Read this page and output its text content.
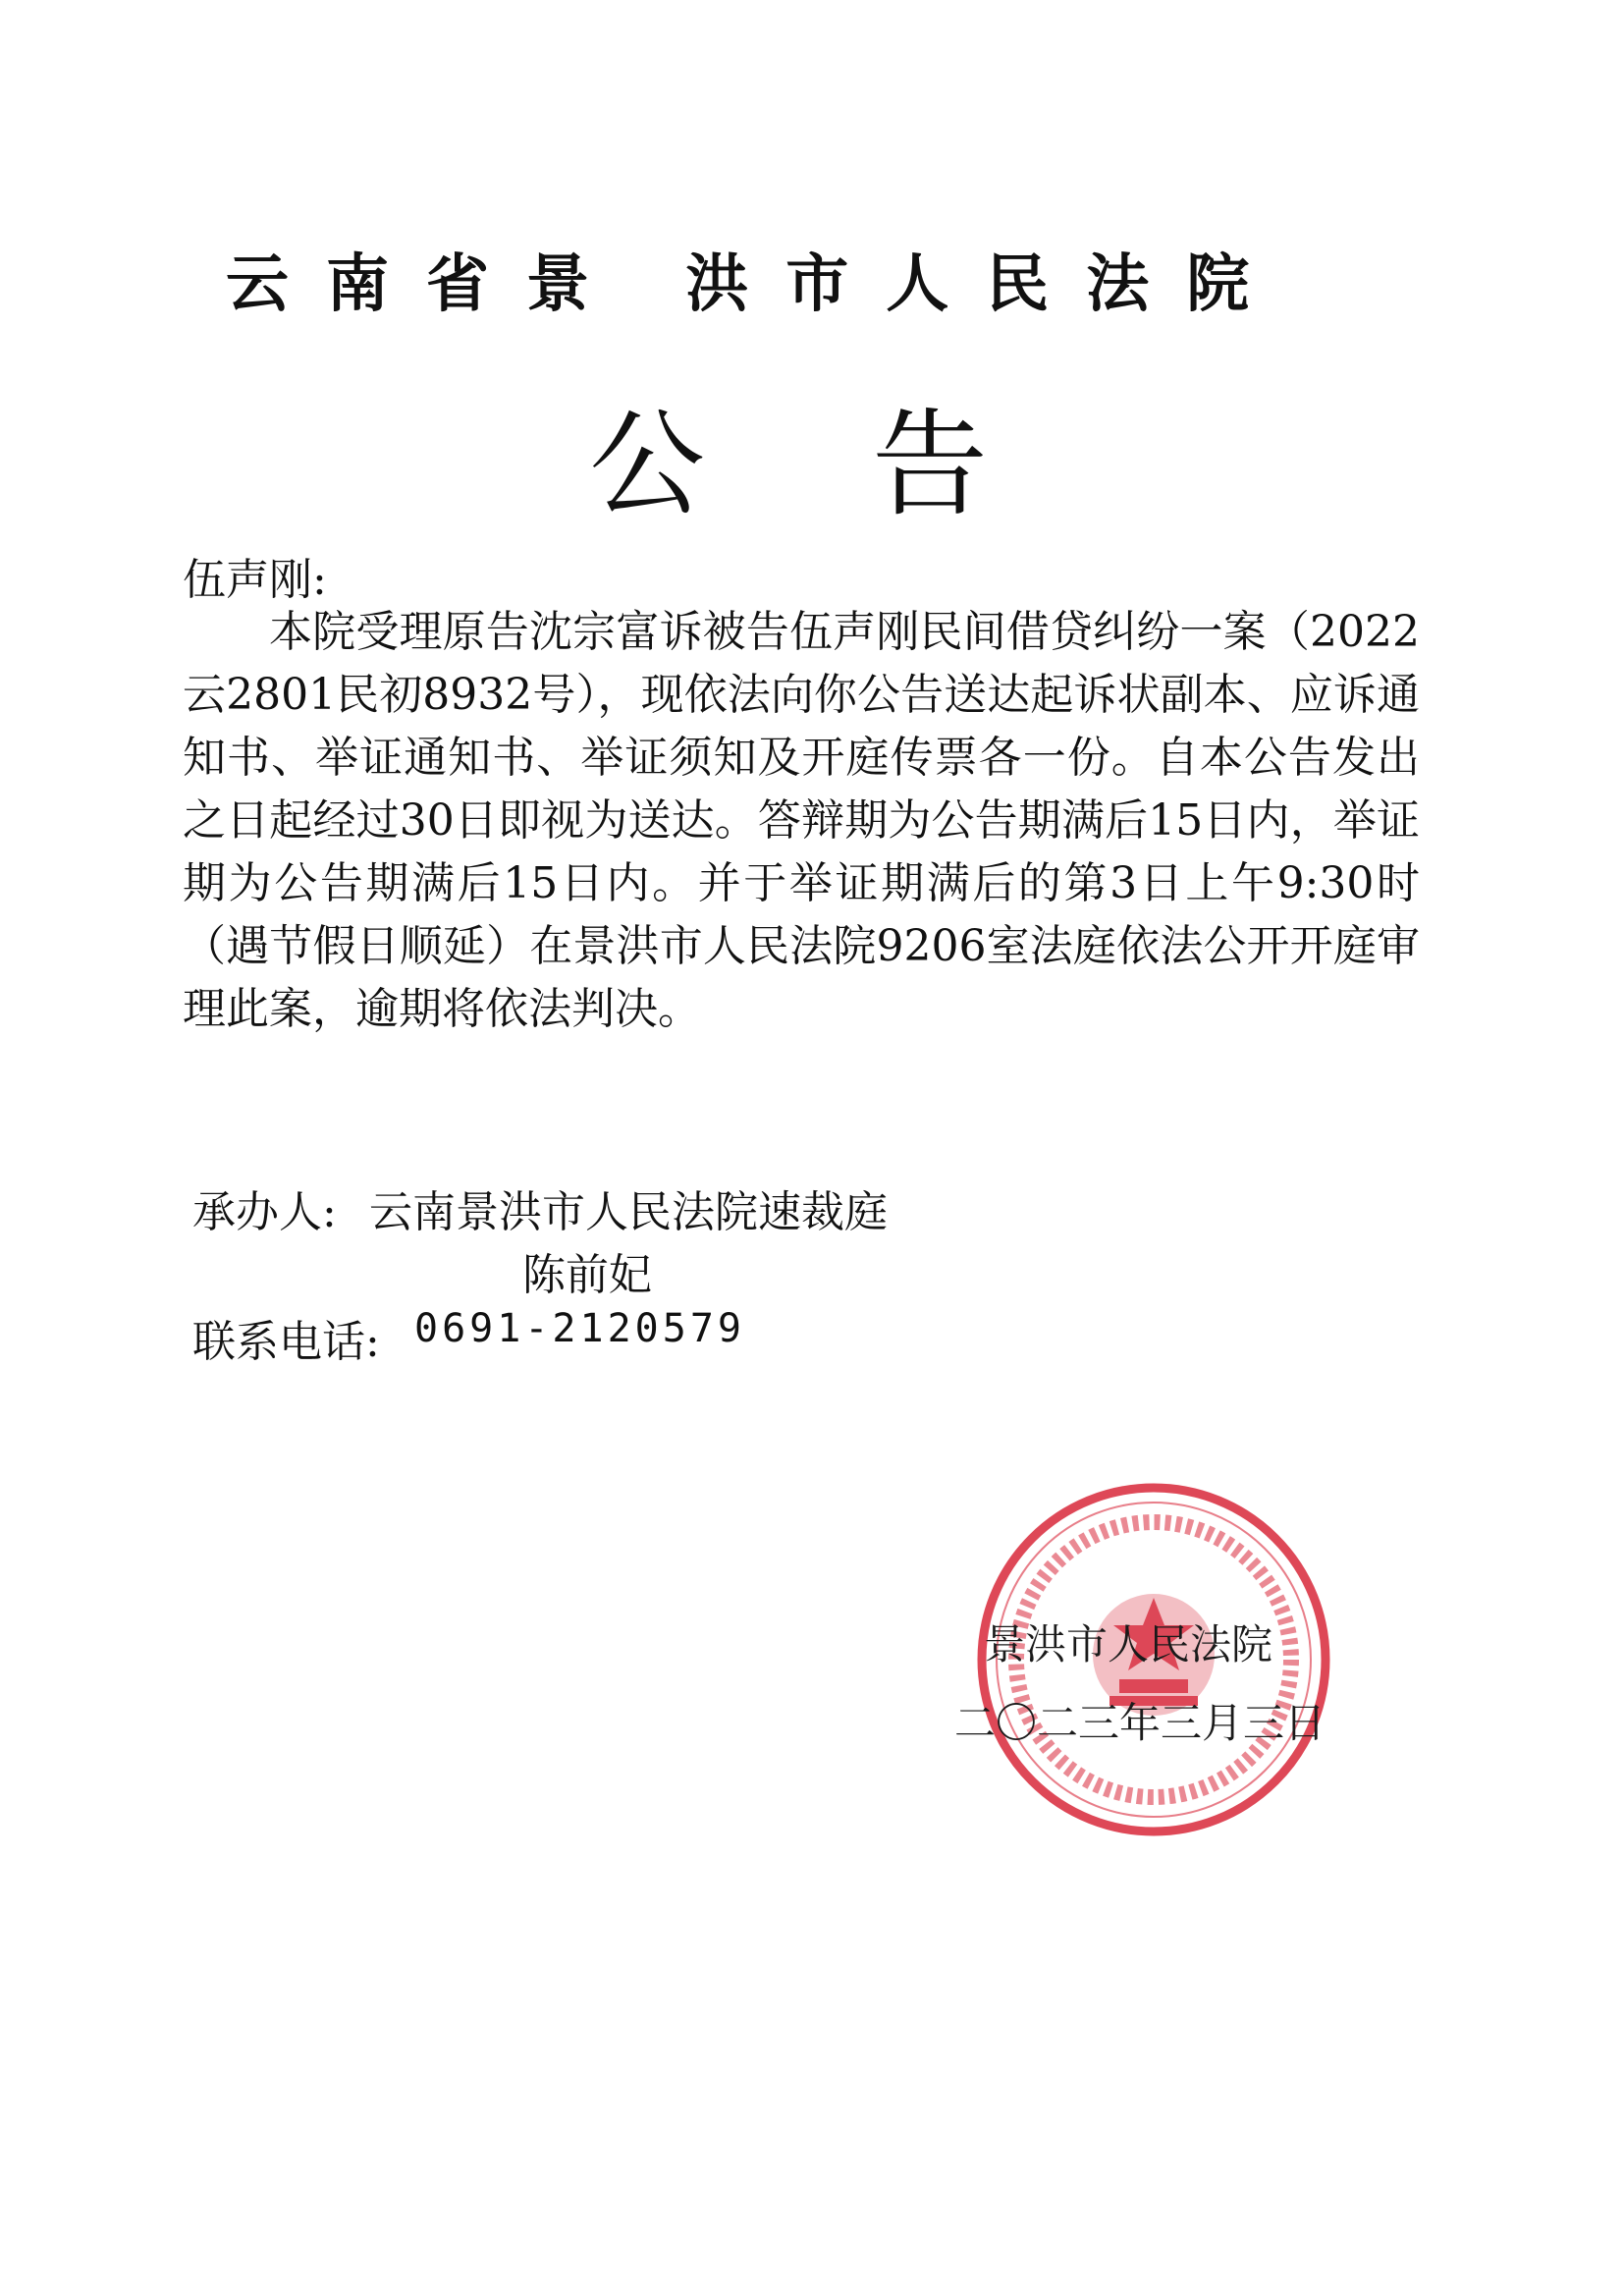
云南省景 洪市人民法院
公告
伍声刚:
本院受理原告沈宗富诉被告伍声刚民间借贷纠纷一案（2022云2801民初8932号），现依法向你公告送达起诉状副本、应诉通知书、举证通知书、举证须知及开庭传票各一份。自本公告发出之日起经过30日即视为送达。答辩期为公告期满后15日内，举证期为公告期满后15日内。并于举证期满后的第3日上午9:30时（遇节假日顺延）在景洪市人民法院9206室法庭依法公开开庭审理此案，逾期将依法判决。
承办人: 云南景洪市人民法院速裁庭
陈前妃
联系电话: 0691-2120579
景洪市人民法院
二〇二三年三月三日
